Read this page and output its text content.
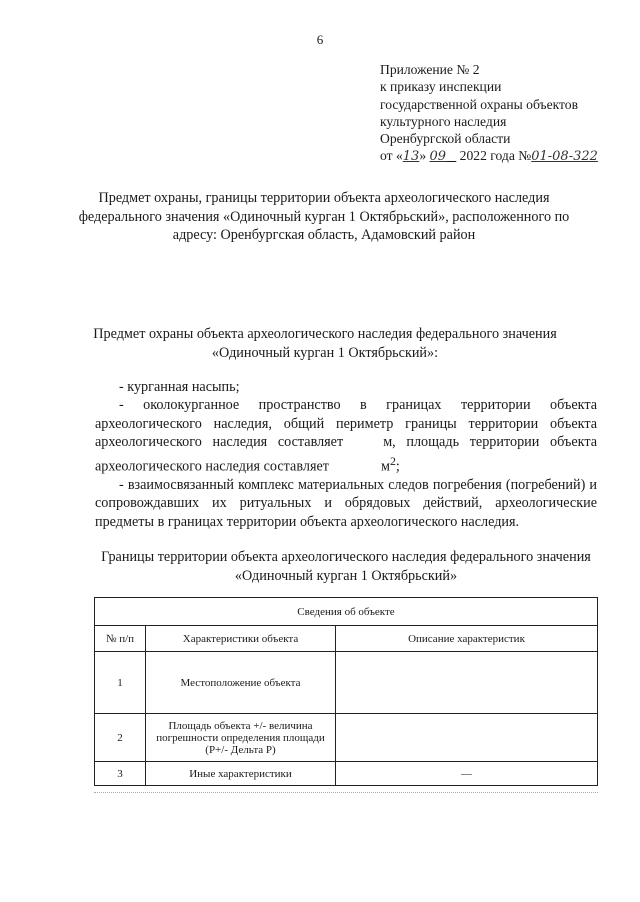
6
Приложение № 2
к приказу инспекции
государственной охраны объектов
культурного наследия
Оренбургской области
от «13» 09 2022 года №01-08-322
Предмет охраны, границы территории объекта археологического наследия федерального значения «Одиночный курган 1 Октябрьский», расположенного по адресу: Оренбургская область, Адамовский район
Предмет охраны объекта археологического наследия федерального значения «Одиночный курган 1 Октябрьский»:

- курганная насыпь;

- околокурганное пространство в границах территории объекта археологического наследия, общий периметр границы территории объекта археологического наследия составляет	м, площадь территории объекта археологического наследия составляет	$м^2$;

- взаимосвязанный комплекс материальных следов погребения (погребений) и сопровождавших их ритуальных и обрядовых действий, археологические предметы в границах территории объекта археологического наследия.

Границы территории объекта археологического наследия федерального значения «Одиночный курган 1 Октябрьский»
Сведения об объекте		
№ п/п	Характеристики объекта	Описание характеристик
1	Местоположение объекта	
2	Площадь объекта +/- величина погрешности определения площади (Р+/- Дельта Р)	
3	Иные характеристики	—
